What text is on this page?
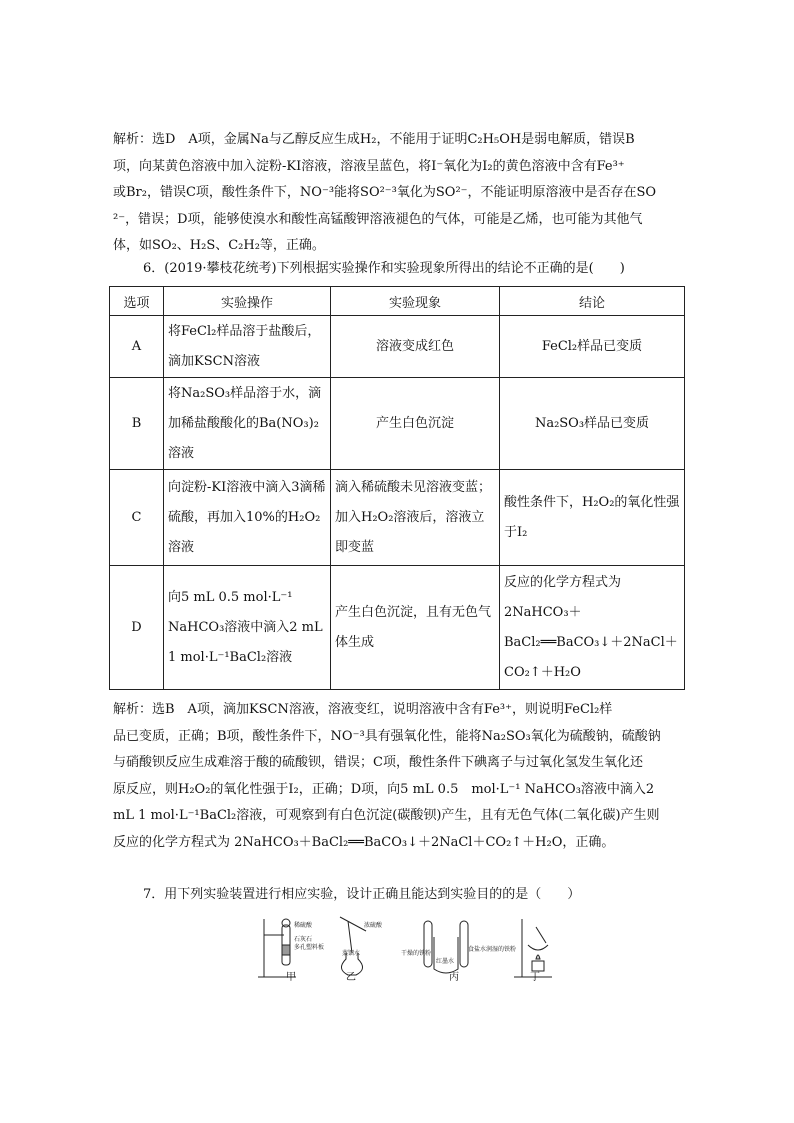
解析：选D　A项，金属Na与乙醇反应生成H₂，不能用于证明C₂H₅OH是弱电解质，错误B

项，向某黄色溶液中加入淀粉-KI溶液，溶液呈蓝色，将I⁻氧化为I₂的黄色溶液中含有Fe³⁺

或Br₂，错误C项，酸性条件下，NO⁻³能将SO²⁻³氧化为SO²⁻，不能证明原溶液中是否存在SO

²⁻，错误；D项，能够使溴水和酸性高锰酸钾溶液褪色的气体，可能是乙烯，也可能为其他气

体，如SO₂、H₂S、C₂H₂等，正确。

6．(2019·攀枝花统考)下列根据实验操作和实验现象所得出的结论不正确的是(　　)
选项	实验操作	实验现象	结论
A	将FeCl₂样品溶于盐酸后，滴加KSCN溶液	溶液变成红色	FeCl₂样品已变质
B	将Na₂SO₃样品溶于水，滴加稀盐酸酸化的Ba(NO₃)₂溶液	产生白色沉淀	Na₂SO₃样品已变质
C	向淀粉-KI溶液中滴入3滴稀硫酸，再加入10%的H₂O₂溶液	滴入稀硫酸未见溶液变蓝；加入H₂O₂溶液后，溶液立即变蓝	酸性条件下，H₂O₂的氧化性强于I₂
D	向5 mL 0.5 mol·L⁻¹ NaHCO₃溶液中滴入2 mL 1 mol·L⁻¹BaCl₂溶液	产生白色沉淀，且有无色气体生成	反应的化学方程式为2NaHCO₃＋BaCl₂══BaCO₃↓＋2NaCl＋CO₂↑＋H₂O

解析：选B　A项，滴加KSCN溶液，溶液变红，说明溶液中含有Fe³⁺，则说明FeCl₂样

品已变质，正确；B项，酸性条件下，NO⁻³具有强氧化性，能将Na₂SO₃氧化为硫酸钠，硫酸钠

与硝酸钡反应生成难溶于酸的硫酸钡，错误；C项，酸性条件下碘离子与过氧化氢发生氧化还

原反应，则H₂O₂的氧化性强于I₂，正确；D项，向5 mL 0.5　mol·L⁻¹ NaHCO₃溶液中滴入2

mL 1 mol·L⁻¹BaCl₂溶液，可观察到有白色沉淀(碳酸钡)产生，且有无色气体(二氧化碳)产生则

反应的化学方程式为 2NaHCO₃＋BaCl₂══BaCO₃↓＋2NaCl＋CO₂↑＋H₂O，正确。

7．用下列实验装置进行相应实验，设计正确且能达到实验目的的是（　　）
稀硫酸
石灰石
多孔塑料板
浓硫酸
蒸馏水	干燥的铁粉
红墨水
食盐水润湿的铁粉
甲	乙	丙	丁
